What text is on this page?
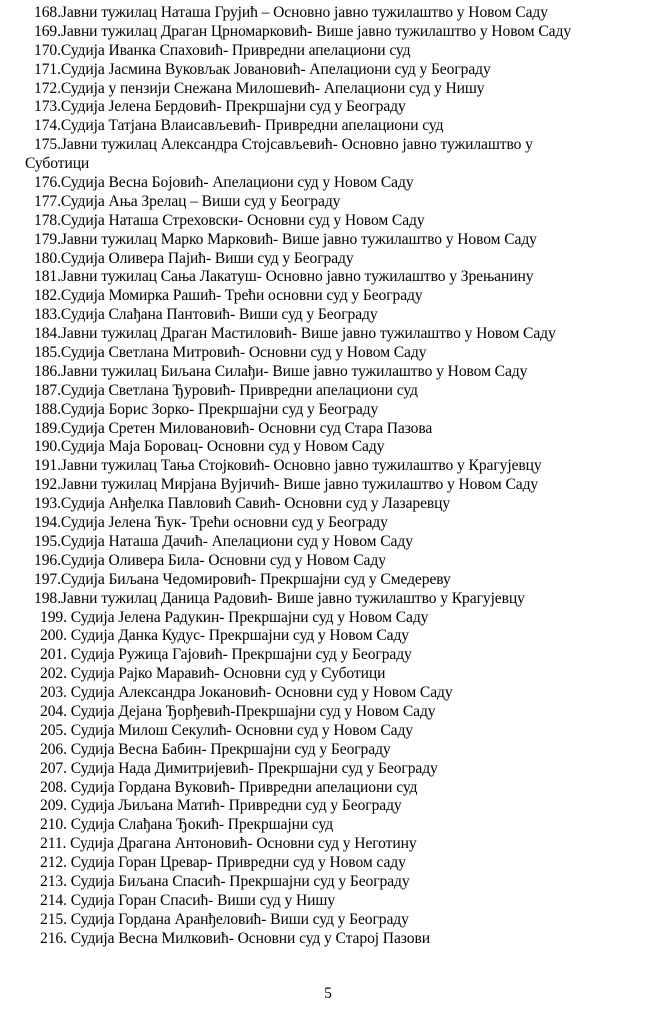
168.Јавни тужилац Наташа Грујић – Основно јавно тужилаштво у Новом Саду
169.Јавни тужилац Драган Црномарковић- Више јавно тужилаштво у Новом Саду
170.Судија Иванка Спаховић- Привредни апелациони суд
171.Судија Јасмина Вуковљак Јовановић- Апелациони суд у Београду
172.Судија у пензији Снежана Милошевић- Апелациони суд у Нишу
173.Судија Јелена Бердовић- Прекршајни суд у Београду
174.Судија Татјана Влаисављевић- Привредни апелациони суд
175.Јавни тужилац Александра Стојсављевић- Основно јавно тужилаштво у
Суботици
176.Судија Весна Бојовић- Апелациони суд у Новом Саду
177.Судија Ања Зрелац – Виши суд у Београду
178.Судија Наташа Стреховски- Основни суд у Новом Саду
179.Јавни тужилац Марко Марковић- Више јавно тужилаштво у Новом Саду
180.Судија Оливера Пајић- Виши суд у Београду
181.Јавни тужилац Сања Лакатуш- Основно јавно тужилаштво у Зрењанину
182.Судија Момирка Рашић- Трећи основни суд у Београду
183.Судија Слађана Пантовић- Виши суд у Београду
184.Јавни тужилац Драган Мастиловић- Више јавно тужилаштво у Новом Саду
185.Судија Светлана Митровић- Основни суд у Новом Саду
186.Јавни тужилац Биљана Силађи- Више јавно тужилаштво у Новом Саду
187.Судија Светлана Ђуровић- Привредни апелациони суд
188.Судија Борис Зорко- Прекршајни суд у Београду
189.Судија Сретен Миловановић- Основни суд Стара Пазова
190.Судија Маја Боровац- Основни суд у Новом Саду
191.Јавни тужилац Тања Стојковић- Основно јавно тужилаштво у Крагујевцу
192.Јавни тужилац Мирјана Вујичић- Више јавно тужилаштво у Новом Саду
193.Судија Анђелка Павловић Савић- Основни суд у Лазаревцу
194.Судија Јелена Ћук- Трећи основни суд у Београду
195.Судија Наташа Дачић- Апелациони суд у Новом Саду
196.Судија Оливера Била- Основни суд у Новом Саду
197.Судија Биљана Чедомировић- Прекршајни суд у Смедереву
198.Јавни тужилац Даница Радовић- Више јавно тужилаштво у Крагујевцу
199. Судија Јелена Радукин- Прекршајни суд у Новом Саду
200. Судија Данка Кудус- Прекршајни суд у Новом Саду
201. Судија Ружица Гајовић- Прекршајни суд у Београду
202. Судија Рајко Маравић- Основни суд у Суботици
203. Судија Александра Јокановић- Основни суд у Новом Саду
204. Судија Дејана Ђорђевић-Прекршајни суд у Новом Саду
205. Судија Милош Секулић- Основни суд у Новом Саду
206. Судија Весна Бабин- Прекршајни суд у Београду
207. Судија Нада Димитријевић- Прекршајни суд у Београду
208. Судија Гордана Вуковић- Привредни апелациони суд
209. Судија Љиљана Матић- Привредни суд у Београду
210. Судија Слађана Ђокић- Прекршајни суд
211. Судија Драгана Антоновић- Основни суд у Неготину
212. Судија Горан Цревар- Привредни суд у Новом саду
213. Судија Биљана Спасић- Прекршајни суд у Београду
214. Судија Горан Спасић- Виши суд у Нишу
215. Судија Гордана Аранђеловић- Виши суд у Београду
216. Судија Весна Милковић- Основни суд у Старој Пазови
5
